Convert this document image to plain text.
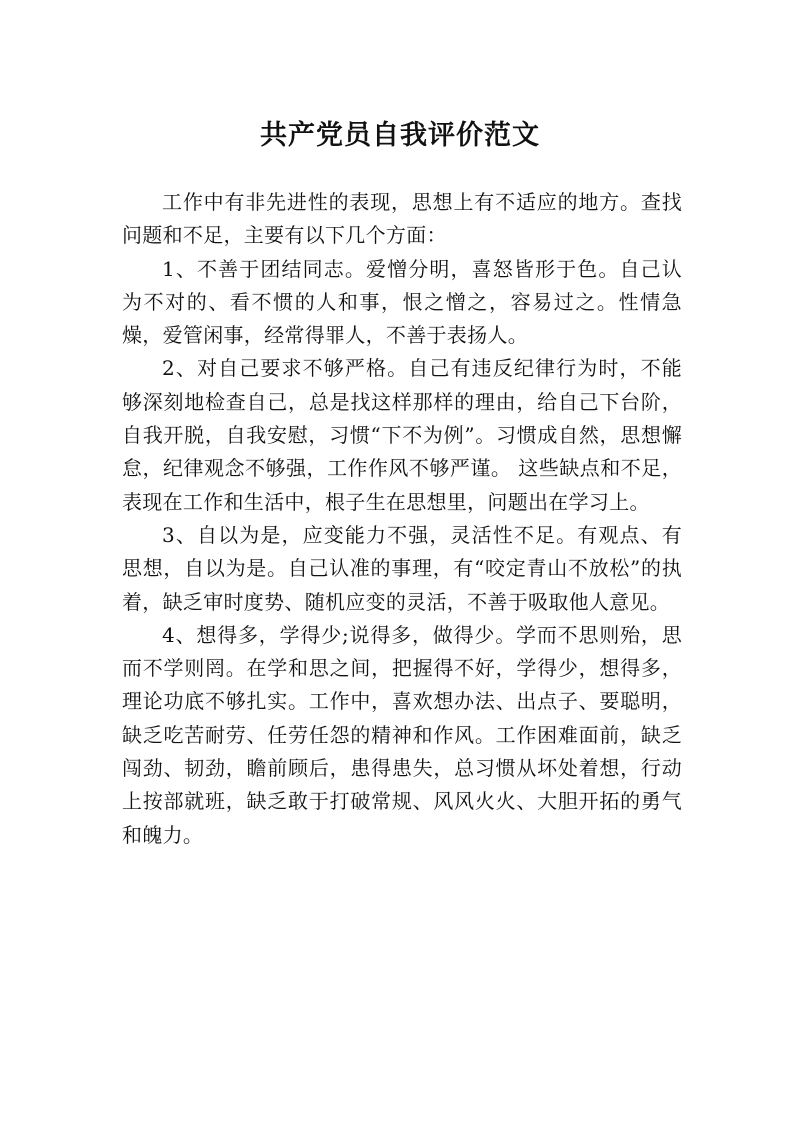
共产党员自我评价范文

工作中有非先进性的表现，思想上有不适应的地方。查找问题和不足，主要有以下几个方面：

1、不善于团结同志。爱憎分明，喜怒皆形于色。自己认为不对的、看不惯的人和事，恨之憎之，容易过之。性情急燥，爱管闲事，经常得罪人，不善于表扬人。

2、对自己要求不够严格。自己有违反纪律行为时，不能够深刻地检查自己，总是找这样那样的理由，给自己下台阶，自我开脱，自我安慰，习惯“下不为例”。习惯成自然，思想懈怠，纪律观念不够强，工作作风不够严谨。 这些缺点和不足，表现在工作和生活中，根子生在思想里，问题出在学习上。

3、自以为是，应变能力不强，灵活性不足。有观点、有思想，自以为是。自己认准的事理，有“咬定青山不放松”的执着，缺乏审时度势、随机应变的灵活，不善于吸取他人意见。

4、想得多，学得少;说得多，做得少。学而不思则殆，思而不学则罔。在学和思之间，把握得不好，学得少，想得多，理论功底不够扎实。工作中，喜欢想办法、出点子、要聪明，缺乏吃苦耐劳、任劳任怨的精神和作风。工作困难面前，缺乏闯劲、韧劲，瞻前顾后，患得患失，总习惯从坏处着想，行动上按部就班，缺乏敢于打破常规、风风火火、大胆开拓的勇气和魄力。
